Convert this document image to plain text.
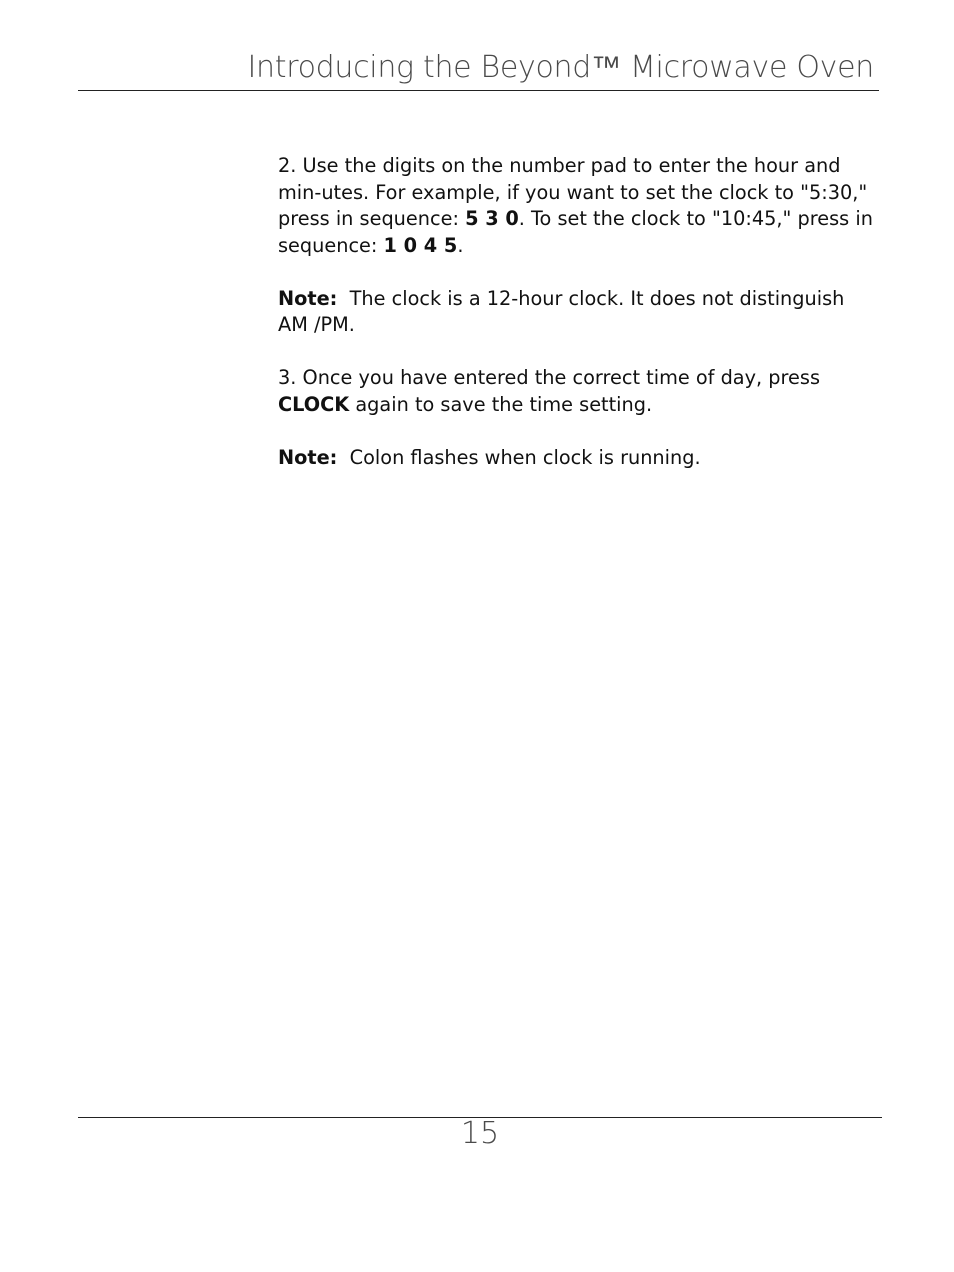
Introducing the Beyond™ Microwave Oven

2. Use the digits on the number pad to enter the hour and min-utes. For example, if you want to set the clock to "5:30," press in sequence: 5 3 0. To set the clock to "10:45," press in sequence: 1 0 4 5.

Note: The clock is a 12-hour clock. It does not distinguish AM /PM.

3. Once you have entered the correct time of day, press CLOCK again to save the time setting.

Note: Colon flashes when clock is running.

15
